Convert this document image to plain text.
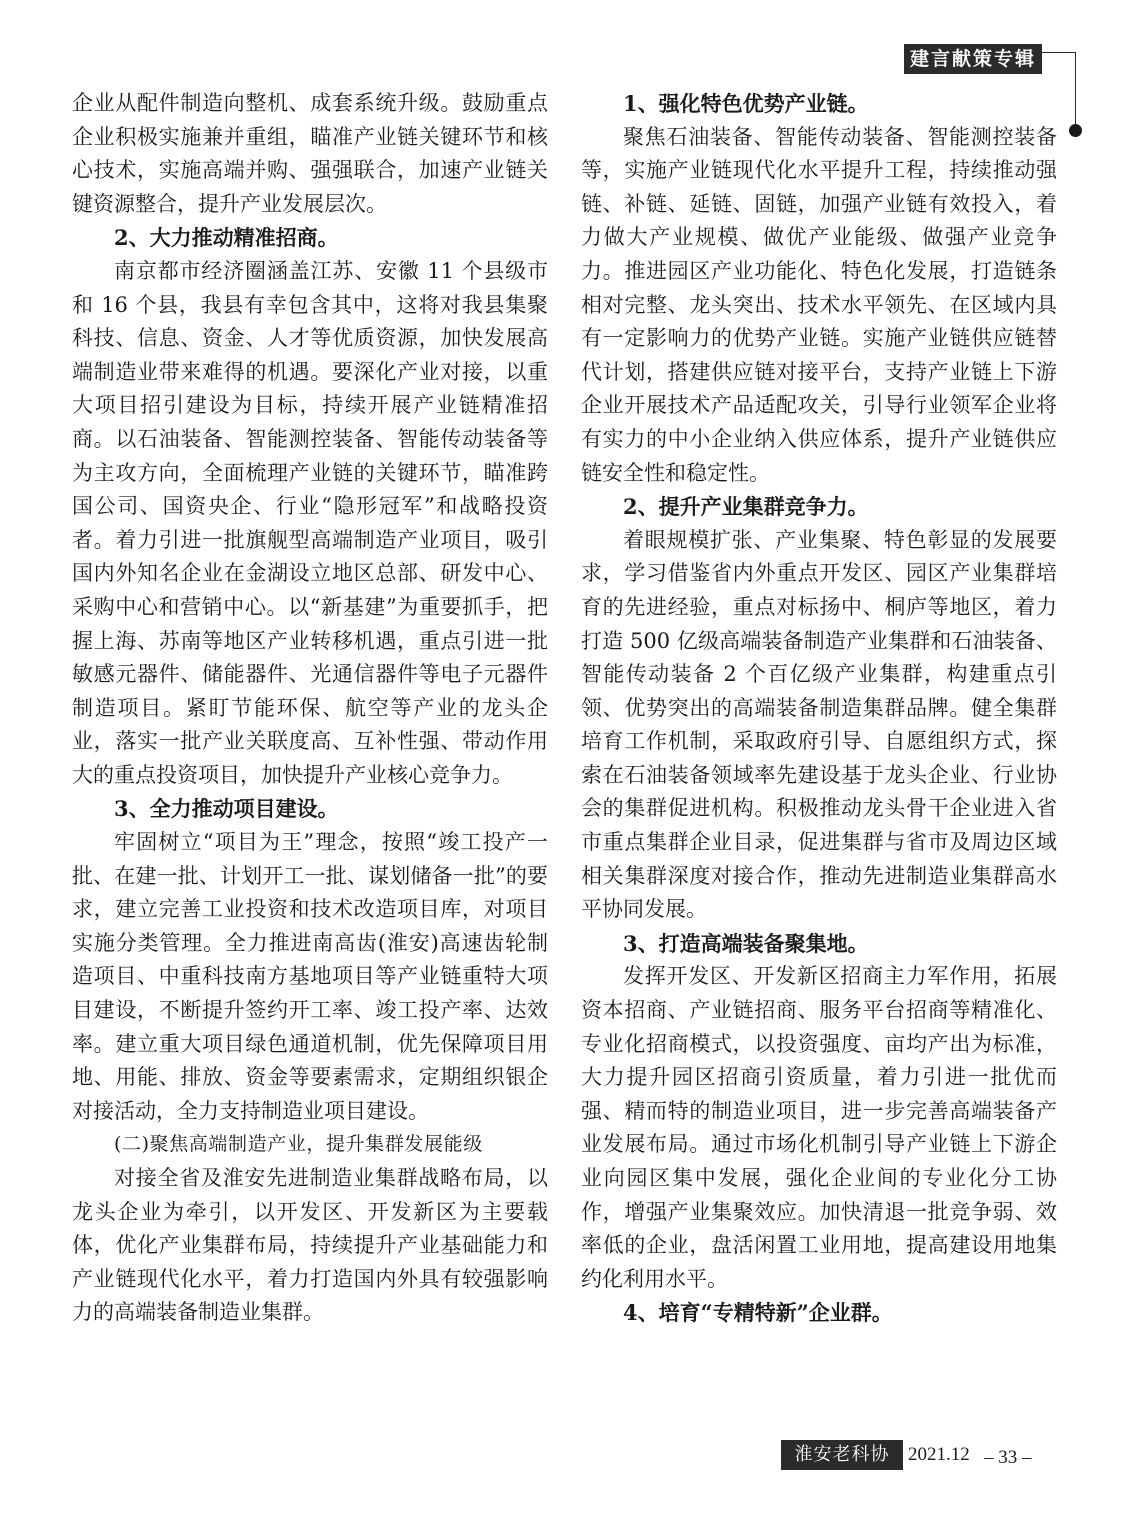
建言献策专辑

企业从配件制造向整机、成套系统升级。鼓励重点企业积极实施兼并重组，瞄准产业链关键环节和核心技术，实施高端并购、强强联合，加速产业链关键资源整合，提升产业发展层次。

2、大力推动精准招商。

南京都市经济圈涵盖江苏、安徽 11 个县级市和 16 个县，我县有幸包含其中，这将对我县集聚科技、信息、资金、人才等优质资源，加快发展高端制造业带来难得的机遇。要深化产业对接，以重大项目招引建设为目标，持续开展产业链精准招商。以石油装备、智能测控装备、智能传动装备等为主攻方向，全面梳理产业链的关键环节，瞄准跨国公司、国资央企、行业“隐形冠军”和战略投资者。着力引进一批旗舰型高端制造产业项目，吸引国内外知名企业在金湖设立地区总部、研发中心、采购中心和营销中心。以“新基建”为重要抓手，把握上海、苏南等地区产业转移机遇，重点引进一批敏感元器件、储能器件、光通信器件等电子元器件制造项目。紧盯节能环保、航空等产业的龙头企业，落实一批产业关联度高、互补性强、带动作用大的重点投资项目，加快提升产业核心竞争力。

3、全力推动项目建设。

牢固树立“项目为王”理念，按照“竣工投产一批、在建一批、计划开工一批、谋划储备一批”的要求，建立完善工业投资和技术改造项目库，对项目实施分类管理。全力推进南高齿(淮安)高速齿轮制造项目、中重科技南方基地项目等产业链重特大项目建设，不断提升签约开工率、竣工投产率、达效率。建立重大项目绿色通道机制，优先保障项目用地、用能、排放、资金等要素需求，定期组织银企对接活动，全力支持制造业项目建设。

(二)聚焦高端制造产业，提升集群发展能级

对接全省及淮安先进制造业集群战略布局，以龙头企业为牵引，以开发区、开发新区为主要载体，优化产业集群布局，持续提升产业基础能力和产业链现代化水平，着力打造国内外具有较强影响力的高端装备制造业集群。

1、强化特色优势产业链。

聚焦石油装备、智能传动装备、智能测控装备等，实施产业链现代化水平提升工程，持续推动强链、补链、延链、固链，加强产业链有效投入，着力做大产业规模、做优产业能级、做强产业竞争力。推进园区产业功能化、特色化发展，打造链条相对完整、龙头突出、技术水平领先、在区域内具有一定影响力的优势产业链。实施产业链供应链替代计划，搭建供应链对接平台，支持产业链上下游企业开展技术产品适配攻关，引导行业领军企业将有实力的中小企业纳入供应体系，提升产业链供应链安全性和稳定性。

2、提升产业集群竞争力。

着眼规模扩张、产业集聚、特色彰显的发展要求，学习借鉴省内外重点开发区、园区产业集群培育的先进经验，重点对标扬中、桐庐等地区，着力打造 500 亿级高端装备制造产业集群和石油装备、智能传动装备 2 个百亿级产业集群，构建重点引领、优势突出的高端装备制造集群品牌。健全集群培育工作机制，采取政府引导、自愿组织方式，探索在石油装备领域率先建设基于龙头企业、行业协会的集群促进机构。积极推动龙头骨干企业进入省市重点集群企业目录，促进集群与省市及周边区域相关集群深度对接合作，推动先进制造业集群高水平协同发展。

3、打造高端装备聚集地。

发挥开发区、开发新区招商主力军作用，拓展资本招商、产业链招商、服务平台招商等精准化、专业化招商模式，以投资强度、亩均产出为标准，大力提升园区招商引资质量，着力引进一批优而强、精而特的制造业项目，进一步完善高端装备产业发展布局。通过市场化机制引导产业链上下游企业向园区集中发展，强化企业间的专业化分工协作，增强产业集聚效应。加快清退一批竞争弱、效率低的企业，盘活闲置工业用地，提高建设用地集约化利用水平。

4、培育“专精特新”企业群。

淮安老科协 2021.12 – 33 –
